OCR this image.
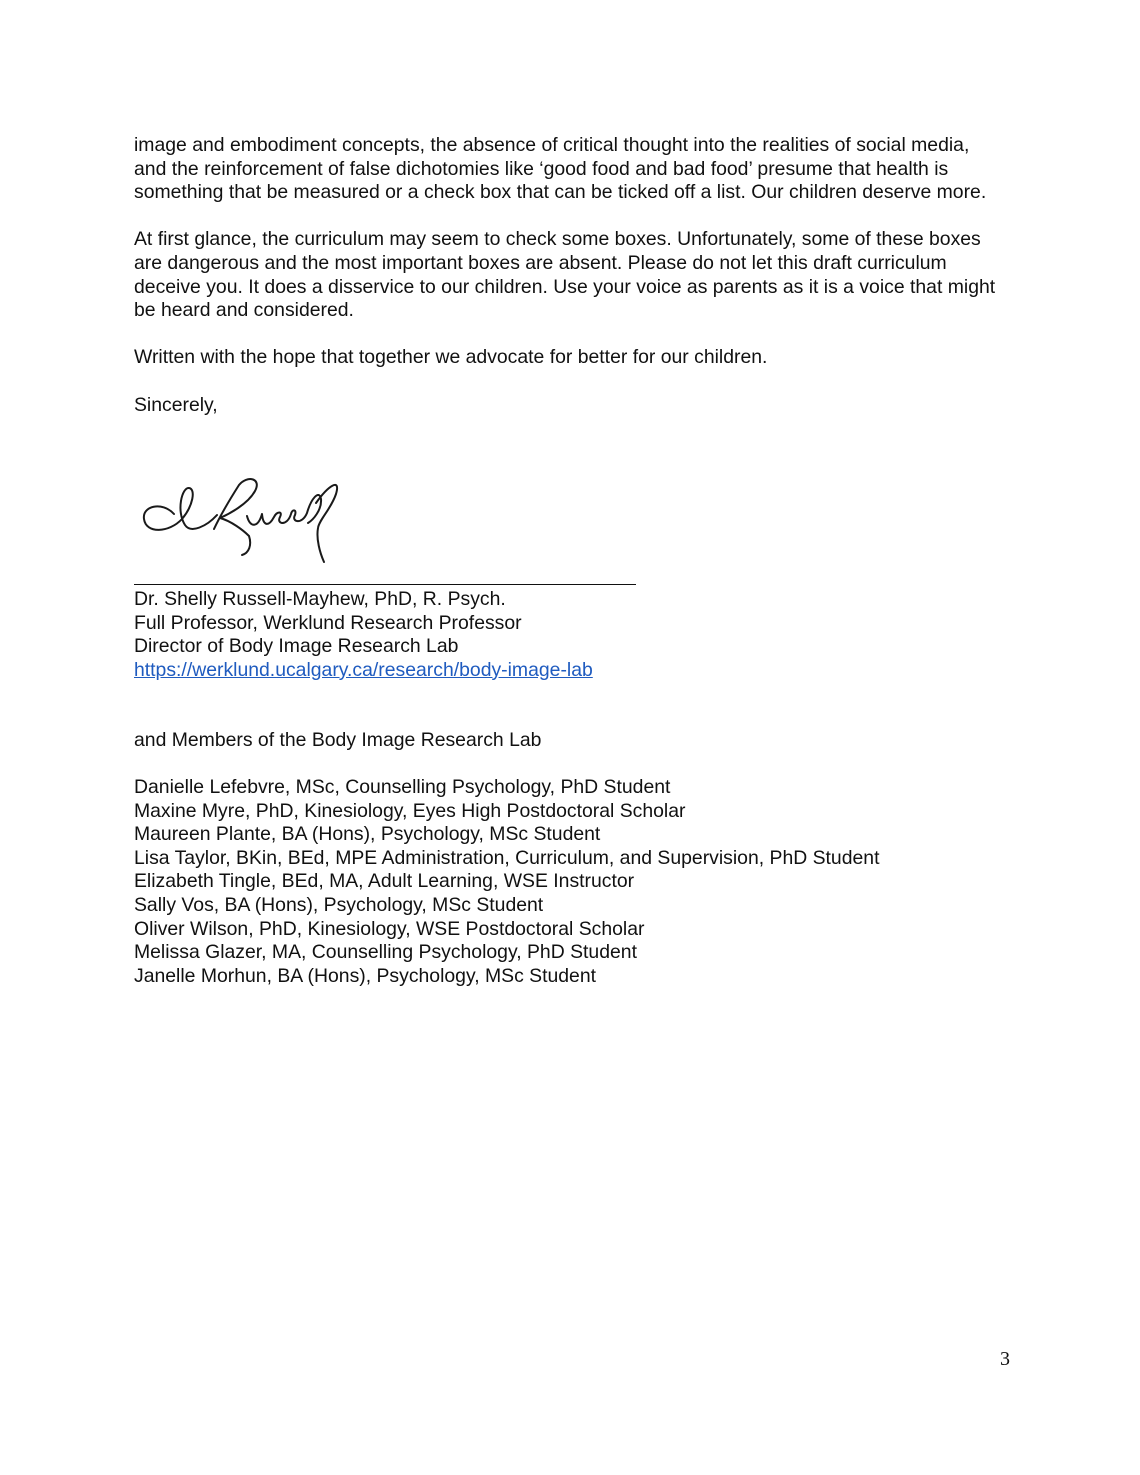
image and embodiment concepts, the absence of critical thought into the realities of social media, and the reinforcement of false dichotomies like ‘good food and bad food’ presume that health is something that be measured or a check box that can be ticked off a list. Our children deserve more.

At first glance, the curriculum may seem to check some boxes. Unfortunately, some of these boxes are dangerous and the most important boxes are absent. Please do not let this draft curriculum deceive you. It does a disservice to our children. Use your voice as parents as it is a voice that might be heard and considered.

Written with the hope that together we advocate for better for our children.

Sincerely,

Dr. Shelly Russell-Mayhew, PhD, R. Psych.
Full Professor, Werklund Research Professor
Director of Body Image Research Lab
https://werklund.ucalgary.ca/research/body-image-lab
and Members of the Body Image Research Lab
Danielle Lefebvre, MSc, Counselling Psychology, PhD Student
Maxine Myre, PhD, Kinesiology, Eyes High Postdoctoral Scholar
Maureen Plante, BA (Hons), Psychology, MSc Student
Lisa Taylor, BKin, BEd, MPE Administration, Curriculum, and Supervision, PhD Student
Elizabeth Tingle, BEd, MA, Adult Learning, WSE Instructor
Sally Vos, BA (Hons), Psychology, MSc Student
Oliver Wilson, PhD, Kinesiology, WSE Postdoctoral Scholar
Melissa Glazer, MA, Counselling Psychology, PhD Student
Janelle Morhun, BA (Hons), Psychology, MSc Student
3
